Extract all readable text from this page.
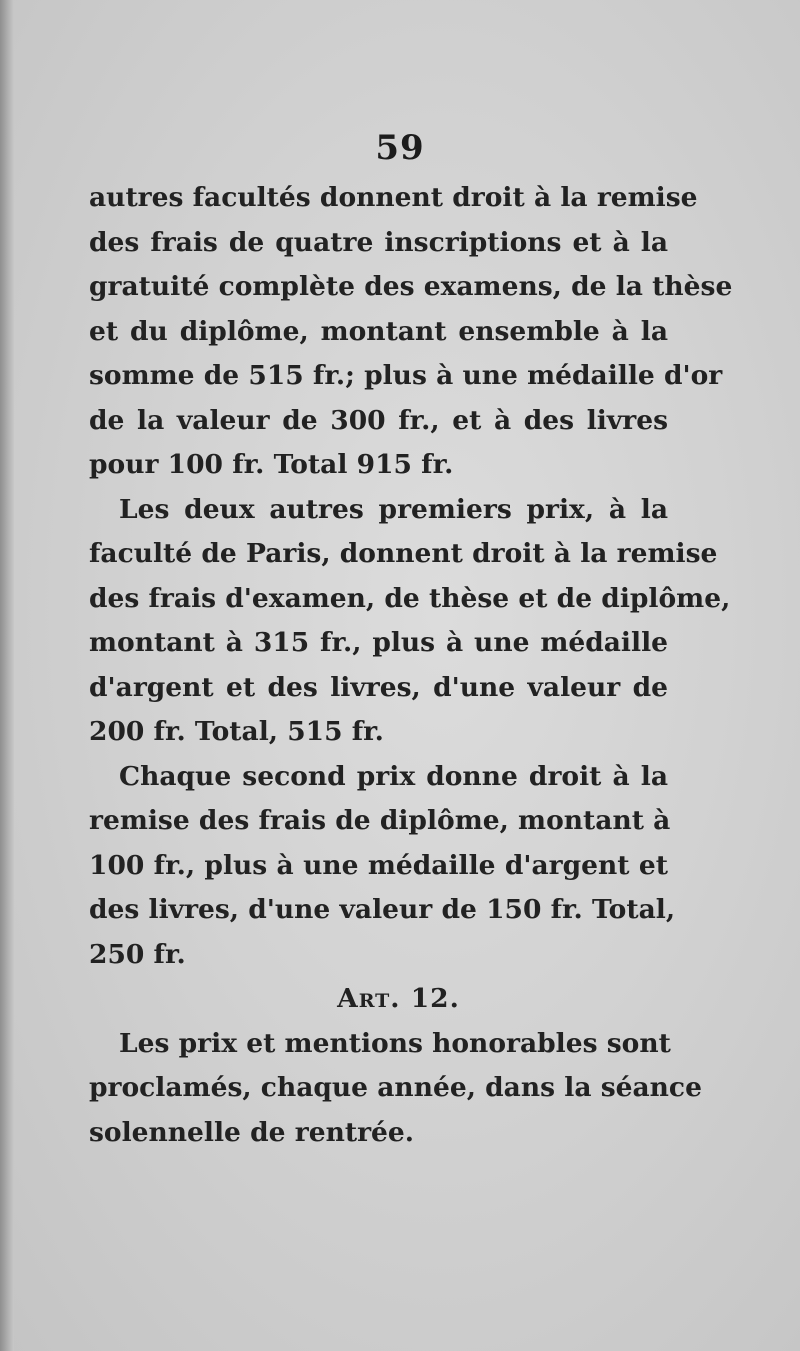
59

autres facultés donnent droit à la remise
des frais de quatre inscriptions et à la
gratuité complète des examens, de la thèse
et du diplôme, montant ensemble à la
somme de 515 fr.; plus à une médaille d'or
de la valeur de 300 fr., et à des livres
pour 100 fr. Total 915 fr.

Les deux autres premiers prix, à la
faculté de Paris, donnent droit à la remise
des frais d'examen, de thèse et de diplôme,
montant à 315 fr., plus à une médaille
d'argent et des livres, d'une valeur de
200 fr. Total, 515 fr.

Chaque second prix donne droit à la
remise des frais de diplôme, montant à
100 fr., plus à une médaille d'argent et
des livres, d'une valeur de 150 fr. Total,
250 fr.

Art. 12.

Les prix et mentions honorables sont
proclamés, chaque année, dans la séance
solennelle de rentrée.
